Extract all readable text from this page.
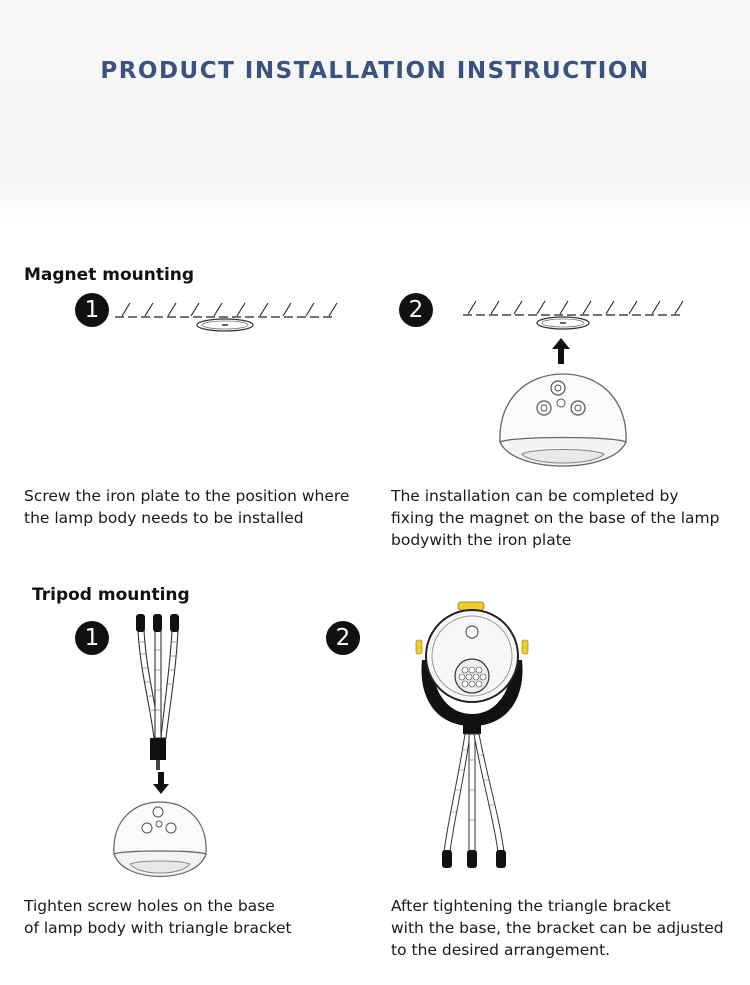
PRODUCT INSTALLATION INSTRUCTION
Magnet mounting
1
Screw the iron plate to the position where
the lamp body needs to be installed
2
The installation can be completed by
fixing the magnet on the base of the lamp
bodywith the iron plate
Tripod mounting
1
Tighten screw holes on the base
of lamp body with triangle bracket
2
After tightening the triangle bracket
with the base, the bracket can be adjusted
to the desired arrangement.
